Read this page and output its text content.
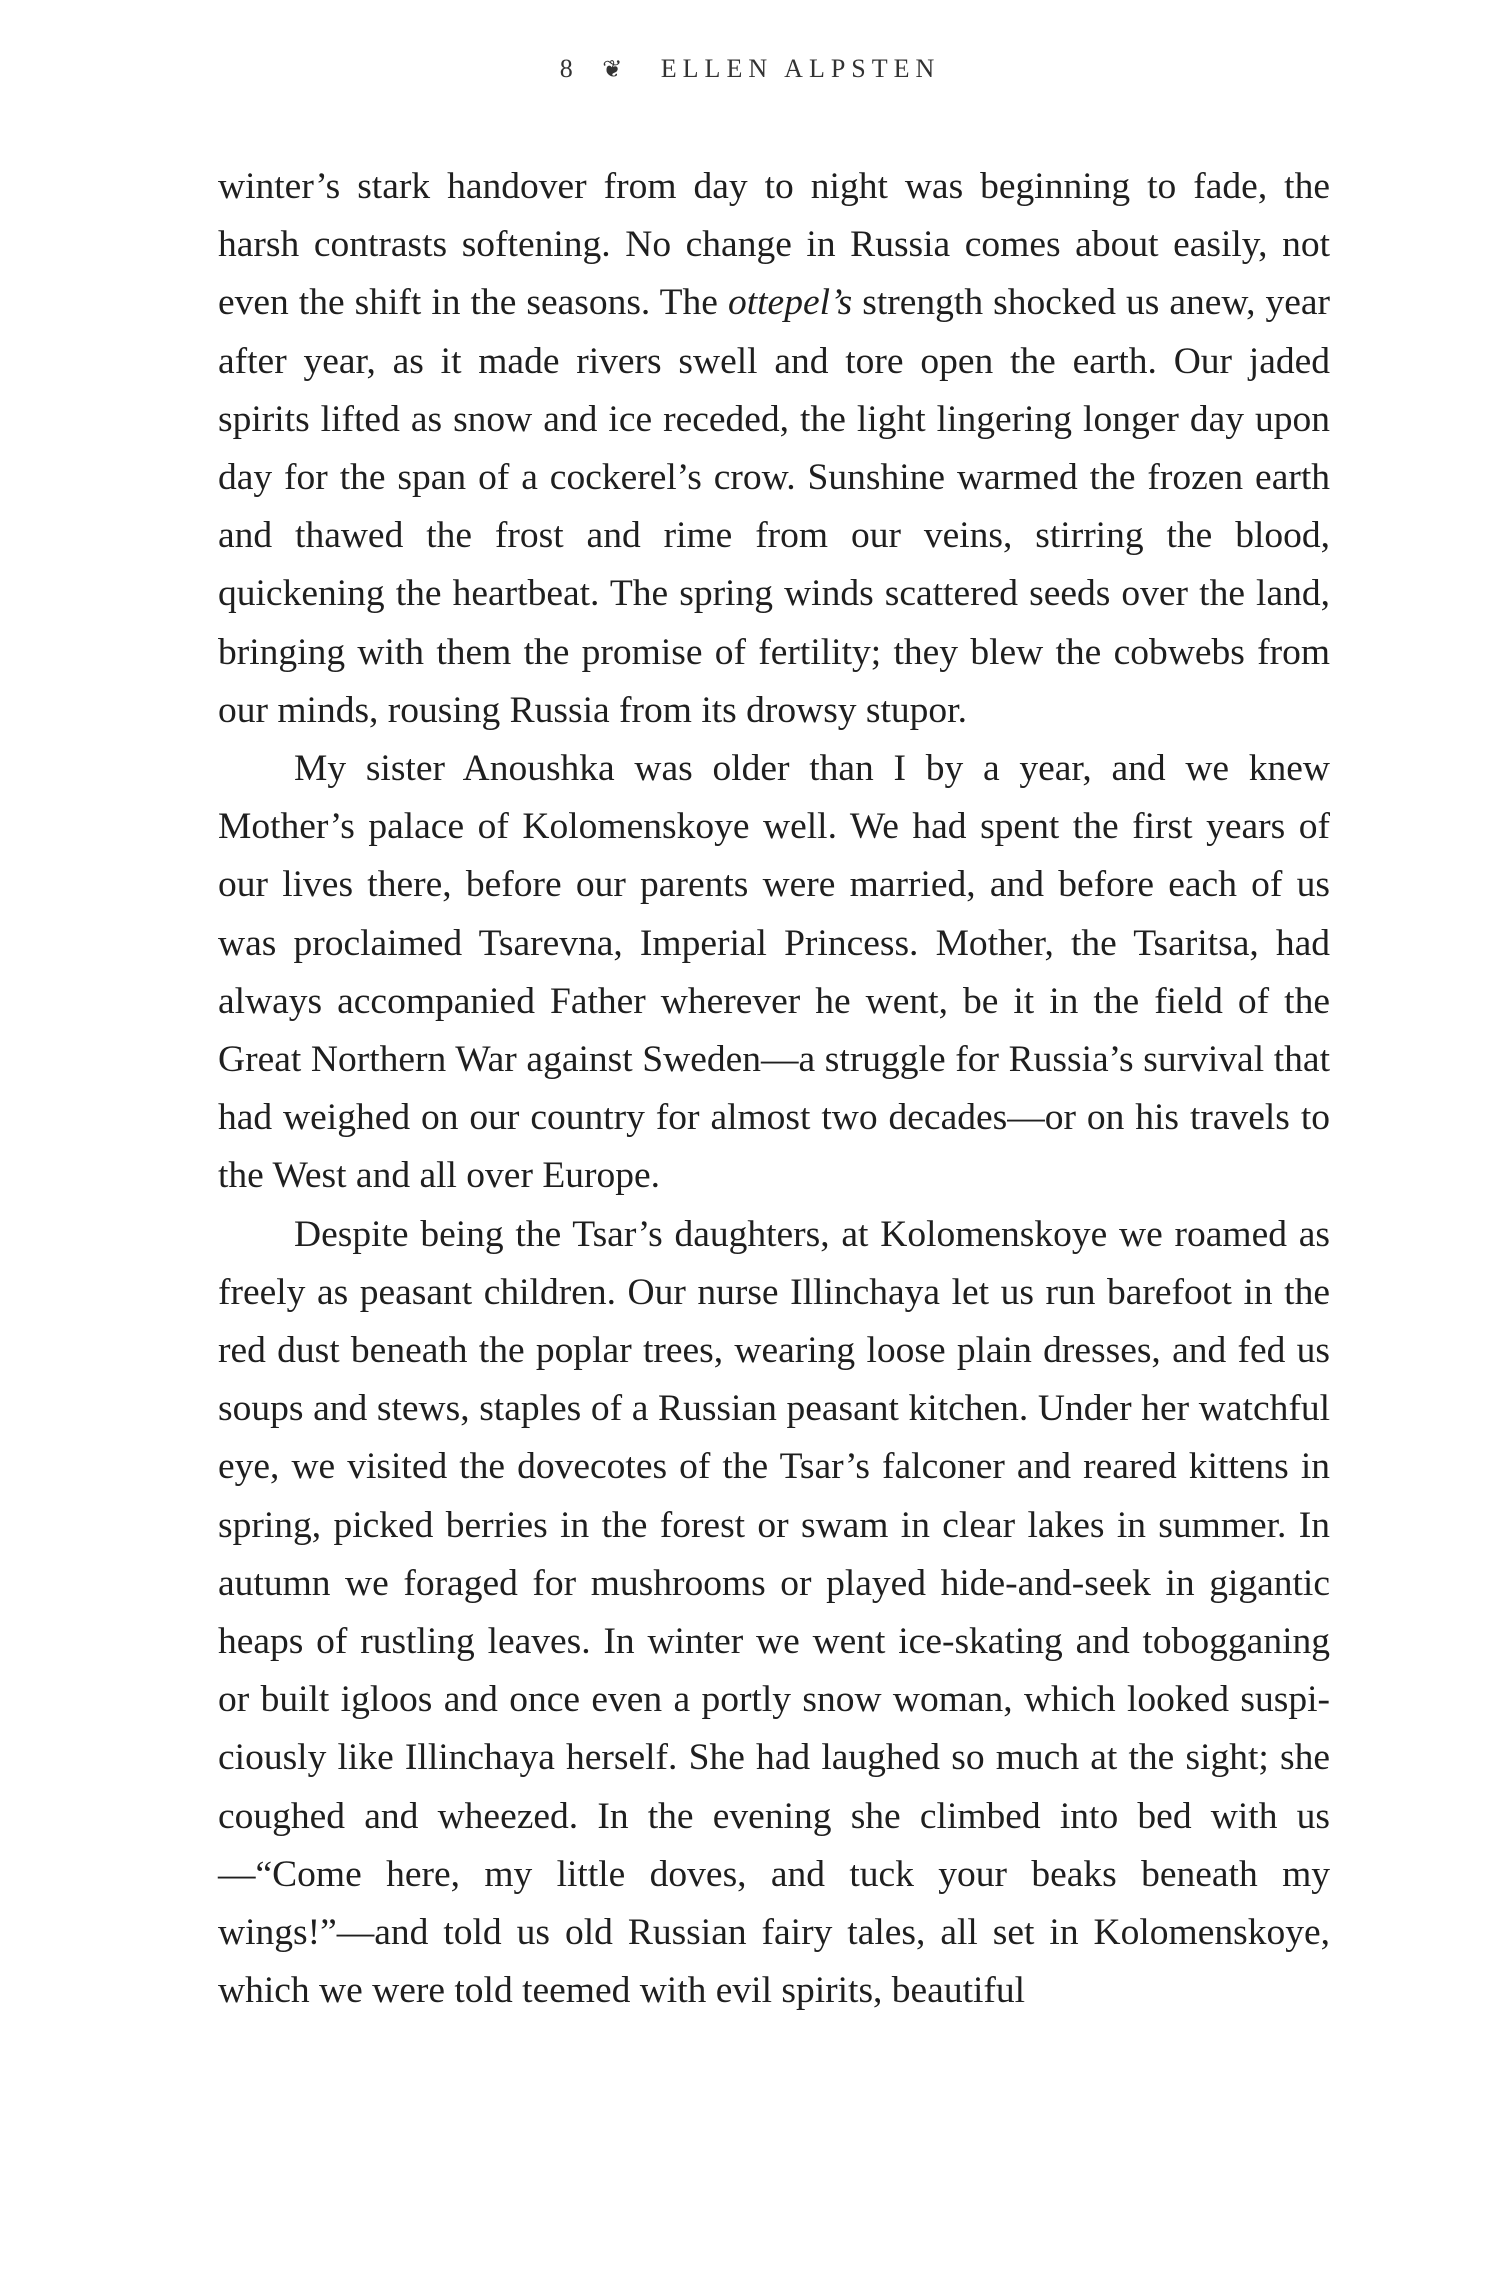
8 ❦ ELLEN ALPSTEN

winter’s stark handover from day to night was beginning to fade, the harsh contrasts softening. No change in Russia comes about easily, not even the shift in the seasons. The ottepel’s strength shocked us anew, year after year, as it made rivers swell and tore open the earth. Our jaded spirits lifted as snow and ice receded, the light lingering longer day upon day for the span of a cockerel’s crow. Sunshine warmed the frozen earth and thawed the frost and rime from our veins, stirring the blood, quickening the heartbeat. The spring winds scattered seeds over the land, bringing with them the promise of fertility; they blew the cobwebs from our minds, rousing Russia from its drowsy stupor.

My sister Anoushka was older than I by a year, and we knew Mother’s palace of Kolomenskoye well. We had spent the first years of our lives there, before our parents were married, and before each of us was proclaimed Tsarevna, Imperial Princess. Mother, the Tsaritsa, had always accompanied Father wherever he went, be it in the field of the Great Northern War against Sweden—a struggle for Russia’s survival that had weighed on our country for almost two decades—or on his travels to the West and all over Europe.

Despite being the Tsar’s daughters, at Kolomenskoye we roamed as freely as peasant children. Our nurse Illinchaya let us run barefoot in the red dust beneath the poplar trees, wearing loose plain dresses, and fed us soups and stews, staples of a Russian peasant kitchen. Under her watchful eye, we visited the dovecotes of the Tsar’s falconer and reared kittens in spring, picked berries in the forest or swam in clear lakes in summer. In autumn we foraged for mushrooms or played hide-and-seek in gigantic heaps of rustling leaves. In winter we went ice-skating and tobogganing or built igloos and once even a portly snow woman, which looked suspiciously like Illinchaya herself. She had laughed so much at the sight; she coughed and wheezed. In the evening she climbed into bed with us—“Come here, my little doves, and tuck your beaks beneath my wings!”—and told us old Russian fairy tales, all set in Kolomenskoye, which we were told teemed with evil spirits, beautiful
